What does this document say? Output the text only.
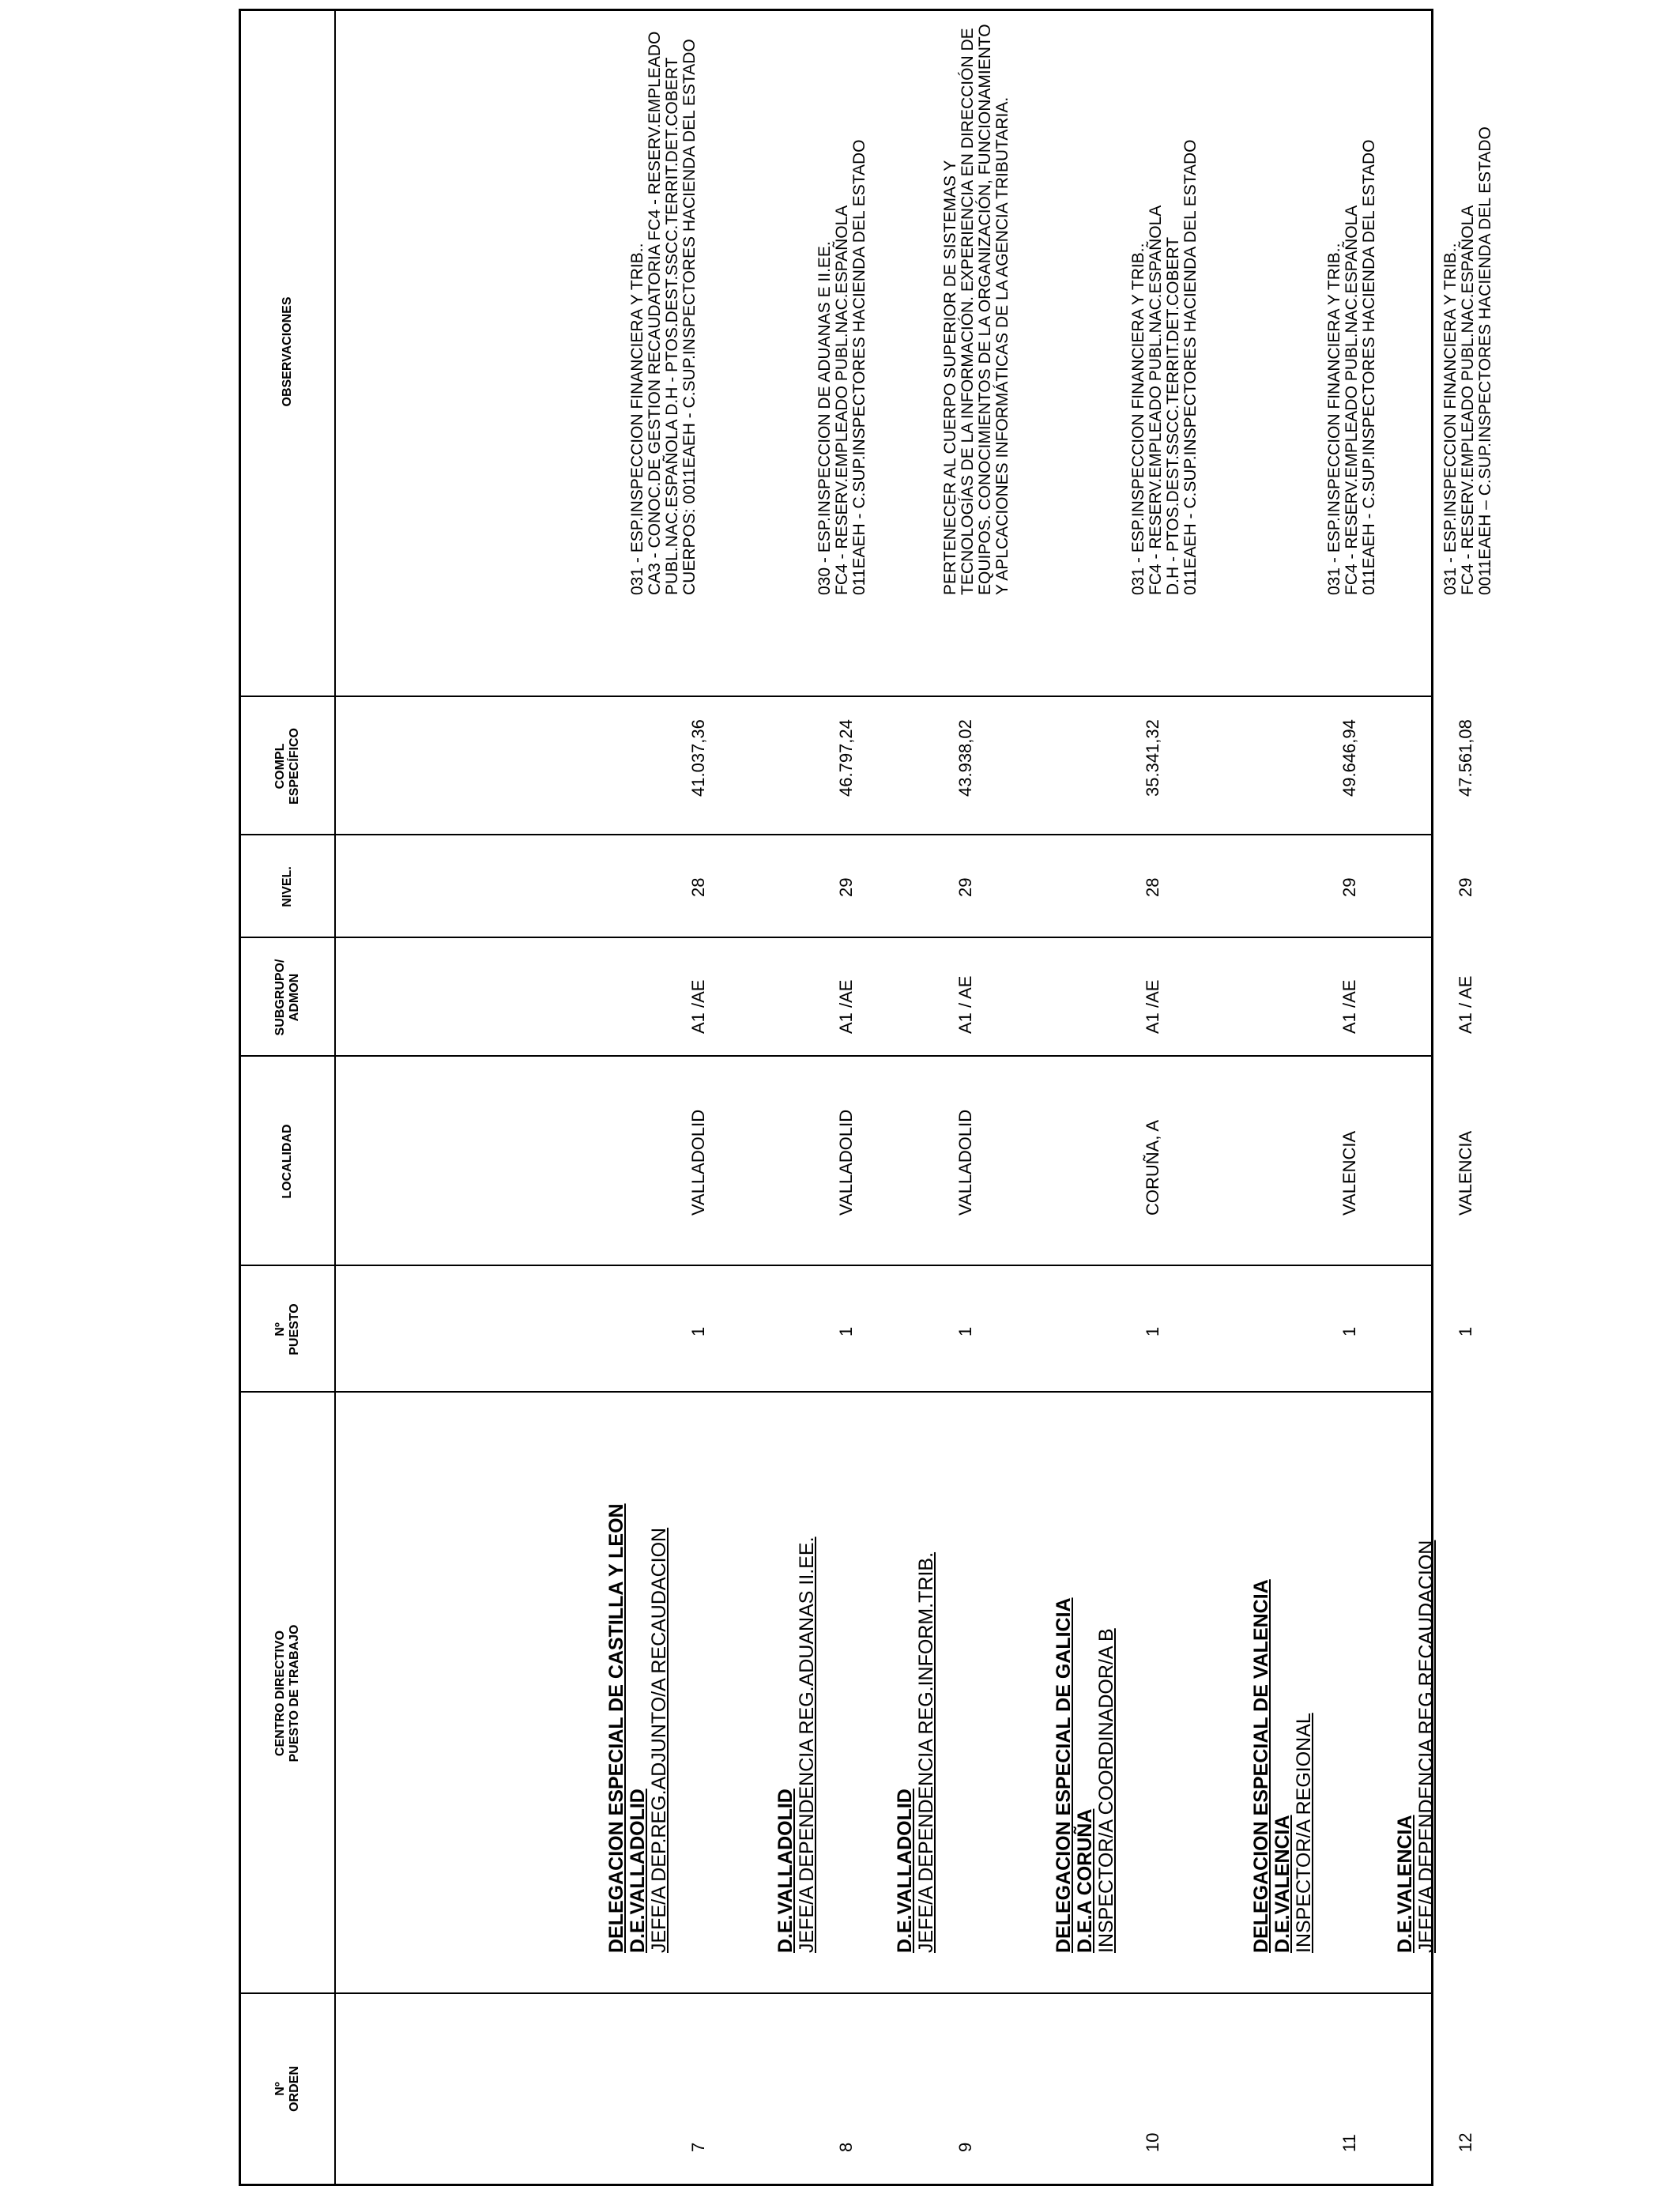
Nº ORDEN
CENTRO DIRECTIVO PUESTO DE TRABAJO
Nº PUESTO
LOCALIDAD
SUBGRUPO/ ADMON
NIVEL.
COMPL ESPECÍFICO
OBSERVACIONES
7
DELEGACION ESPECIAL DE CASTILLA Y LEON D.E.VALLADOLID JEFE/A DEP.REG.ADJUNTO/A RECAUDACION
1
VALLADOLID
A1 /AE
28
41.037,36
031 - ESP.INSPECCION FINANCIERA Y TRIB.. CA3 - CONOC.DE GESTION RECAUDATORIA FC4 - RESERV.EMPLEADO PUBL.NAC.ESPAÑOLA D.H - PTOS.DEST.SSCC.TERRIT.DET.COBERT CUERPOS: 0011EAEH - C.SUP.INSPECTORES HACIENDA DEL ESTADO
8
D.E.VALLADOLID JEFE/A DEPENDENCIA REG.ADUANAS II.EE.
1
VALLADOLID
A1 /AE
29
46.797,24
030 - ESP.INSPECCION DE ADUANAS E II.EE. FC4 - RESERV.EMPLEADO PUBL.NAC.ESPAÑOLA 011EAEH - C.SUP.INSPECTORES HACIENDA DEL ESTADO
9
D.E.VALLADOLID JEFE/A DEPENDENCIA REG.INFORM.TRIB.
1
VALLADOLID
A1 / AE
29
43.938,02
PERTENECER AL CUERPO SUPERIOR DE SISTEMAS Y TECNOLOGÍAS DE LA INFORMACIÓN. EXPERIENCIA EN DIRECCIÓN DE EQUIPOS. CONOCIMIENTOS DE LA ORGANIZACIÓN, FUNCIONAMIENTO Y APLCACIONES INFORMÁTICAS DE LA AGENCIA TRIBUTARIA.
10
DELEGACION ESPECIAL DE GALICIA D.E.A CORUÑA INSPECTOR/A COORDINADOR/A B
1
CORUÑA, A
A1 /AE
28
35.341,32
031 - ESP.INSPECCION FINANCIERA Y TRIB.. FC4 - RESERV.EMPLEADO PUBL.NAC.ESPAÑOLA D.H - PTOS.DEST.SSCC.TERRIT.DET.COBERT 011EAEH - C.SUP.INSPECTORES HACIENDA DEL ESTADO
11
DELEGACION ESPECIAL DE VALENCIA D.E.VALENCIA INSPECTOR/A REGIONAL
1
VALENCIA
A1 /AE
29
49.646,94
031 - ESP.INSPECCION FINANCIERA Y TRIB.. FC4 - RESERV.EMPLEADO PUBL.NAC.ESPAÑOLA 011EAEH - C.SUP.INSPECTORES HACIENDA DEL ESTADO
12
D.E.VALENCIA JEFE/A DEPENDENCIA REG.RECAUDACION
1
VALENCIA
A1 / AE
29
47.561,08
031 - ESP.INSPECCION FINANCIERA Y TRIB.. FC4 - RESERV.EMPLEADO PUBL.NAC.ESPAÑOLA 0011EAEH – C.SUP.INSPECTORES HACIENDA DEL ESTADO
